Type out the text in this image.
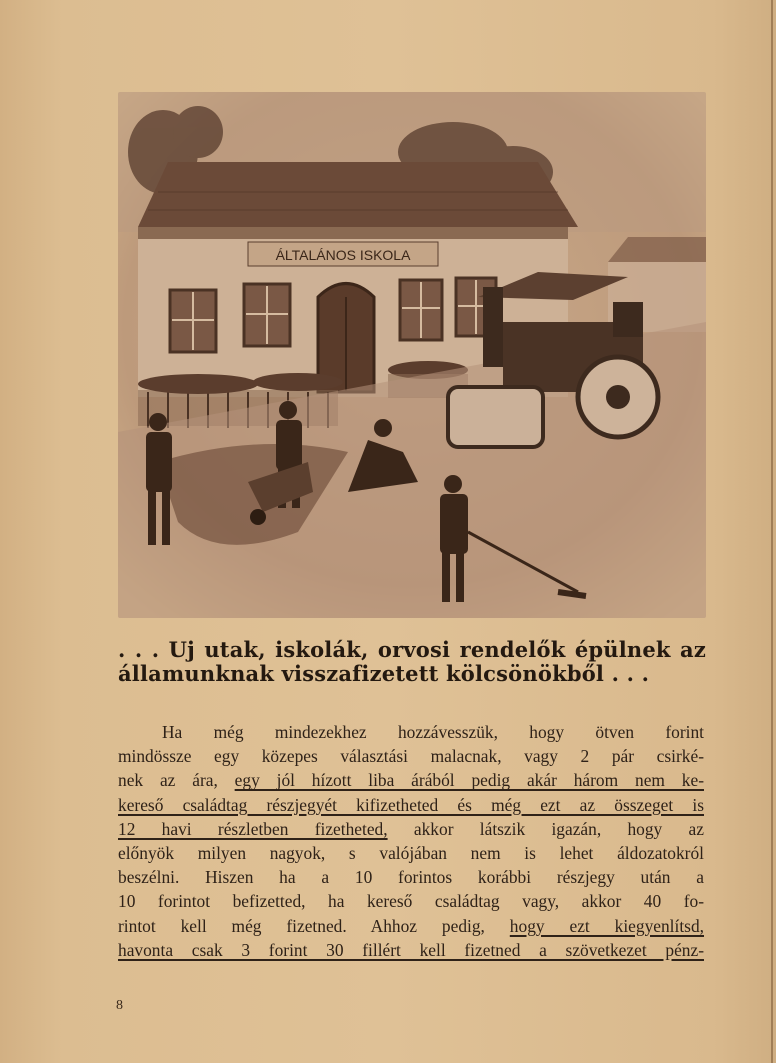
ÁLTALÁNOS ISKOLA
. . . Uj utak, iskolák, orvosi rendelők épülnek az
államunknak visszafizetett kölcsönökből . . .
Ha még mindezekhez hozzávesszük, hogy ötven forint
mindössze egy közepes választási malacnak, vagy 2 pár csirké-
nek az ára, egy jól hízott liba árából pedig akár három nem ke-
kereső családtag részjegyét kifizetheted és még ezt az összeget is
12 havi részletben fizetheted, akkor látszik igazán, hogy az
előnyök milyen nagyok, s valójában nem is lehet áldozatokról
beszélni. Hiszen ha a 10 forintos korábbi részjegy után a
10 forintot befizetted, ha kereső családtag vagy, akkor 40 fo-
rintot kell még fizetned. Ahhoz pedig, hogy ezt kiegyenlítsd,
havonta csak 3 forint 30 fillért kell fizetned a szövetkezet pénz-
8
